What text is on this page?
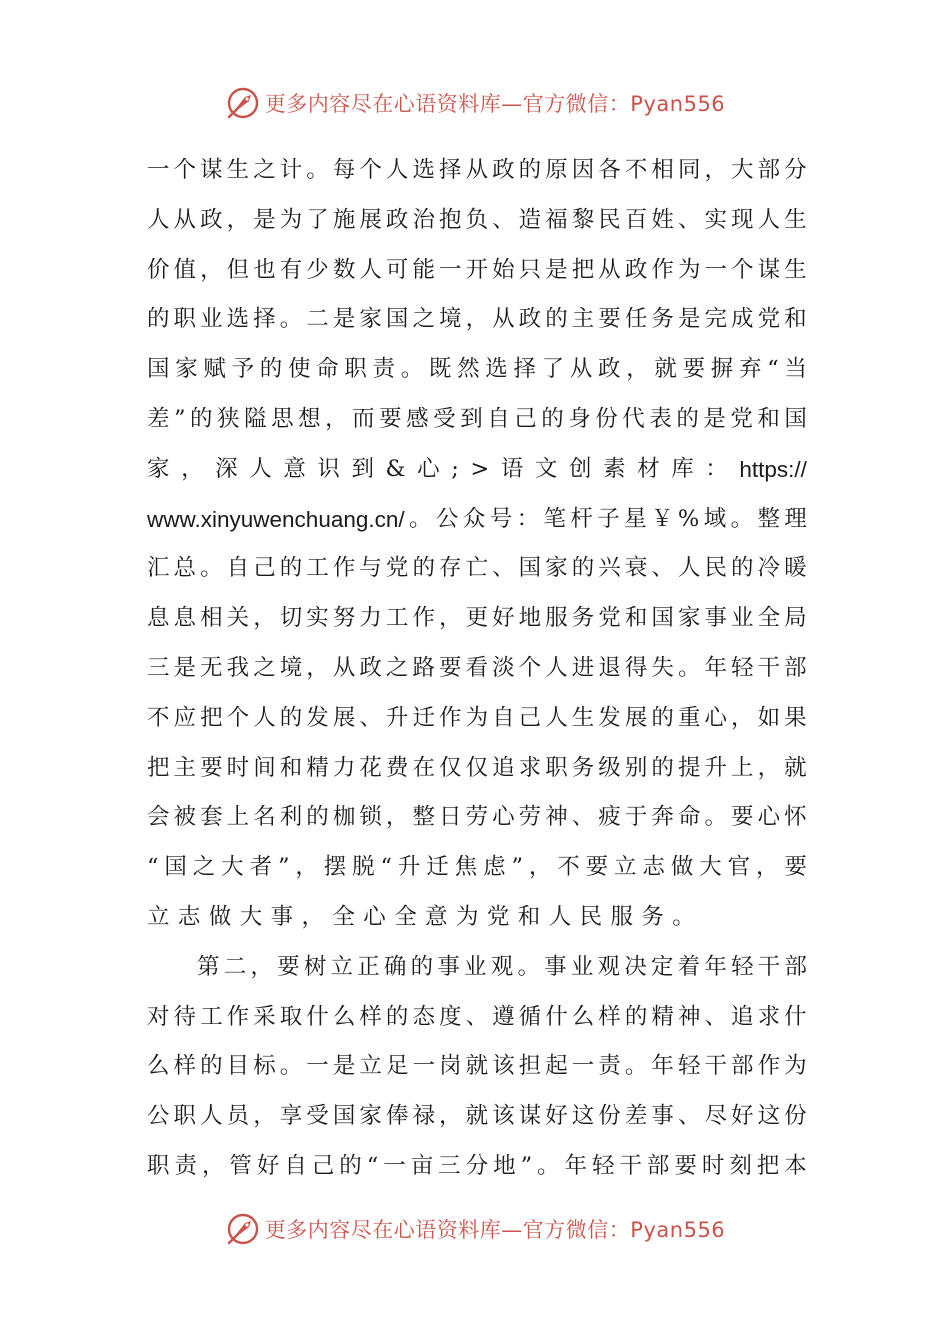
更多内容尽在心语资料库—官方微信：Pyan556
一 个 谋 生 之 计 。 每 个 人 选 择 从 政 的 原 因 各 不 相 同 ， 大 部 分
人 从 政 ， 是 为 了 施 展 政 治 抱 负 、 造 福 黎 民 百 姓 、 实 现 人 生
价 值 ， 但 也 有 少 数 人 可 能 一 开 始 只 是 把 从 政 作 为 一 个 谋 生
的 职 业 选 择 。 二 是 家 国 之 境 ， 从 政 的 主 要 任 务 是 完 成 党 和
国 家 赋 予 的 使 命 职 责 。 既 然 选 择 了 从 政 ， 就 要 摒 弃 “ 当
差 ” 的 狭 隘 思 想 ， 而 要 感 受 到 自 己 的 身 份 代 表 的 是 党 和 国
家 ， 深 人 意 识 到 & 心 ; > 语 文 创 素 材 库 ： https://
www.xinyuwenchuang.cn/ 。 公 众 号 ： 笔 杆 子 星 ￥ % 域 。 整 理
汇 总 。 自 己 的 工 作 与 党 的 存 亡 、 国 家 的 兴 衰 、 人 民 的 冷 暖
息 息 相 关 ， 切 实 努 力 工 作 ， 更 好 地 服 务 党 和 国 家 事 业 全 局
三 是 无 我 之 境 ， 从 政 之 路 要 看 淡 个 人 进 退 得 失 。 年 轻 干 部
不 应 把 个 人 的 发 展 、 升 迁 作 为 自 己 人 生 发 展 的 重 心 ， 如 果
把 主 要 时 间 和 精 力 花 费 在 仅 仅 追 求 职 务 级 别 的 提 升 上 ， 就
会 被 套 上 名 利 的 枷 锁 ， 整 日 劳 心 劳 神 、 疲 于 奔 命 。 要 心 怀
“ 国 之 大 者 ” ， 摆 脱 “ 升 迁 焦 虑 ” ， 不 要 立 志 做 大 官 ， 要
立志做大事，全心全意为党和人民服务。
第 二 ， 要 树 立 正 确 的 事 业 观 。 事 业 观 决 定 着 年 轻 干 部
对 待 工 作 采 取 什 么 样 的 态 度 、 遵 循 什 么 样 的 精 神 、 追 求 什
么 样 的 目 标 。 一 是 立 足 一 岗 就 该 担 起 一 责 。 年 轻 干 部 作 为
公 职 人 员 ， 享 受 国 家 俸 禄 ， 就 该 谋 好 这 份 差 事 、 尽 好 这 份
职 责 ， 管 好 自 己 的 “ 一 亩 三 分 地 ” 。 年 轻 干 部 要 时 刻 把 本
更多内容尽在心语资料库—官方微信：Pyan556
